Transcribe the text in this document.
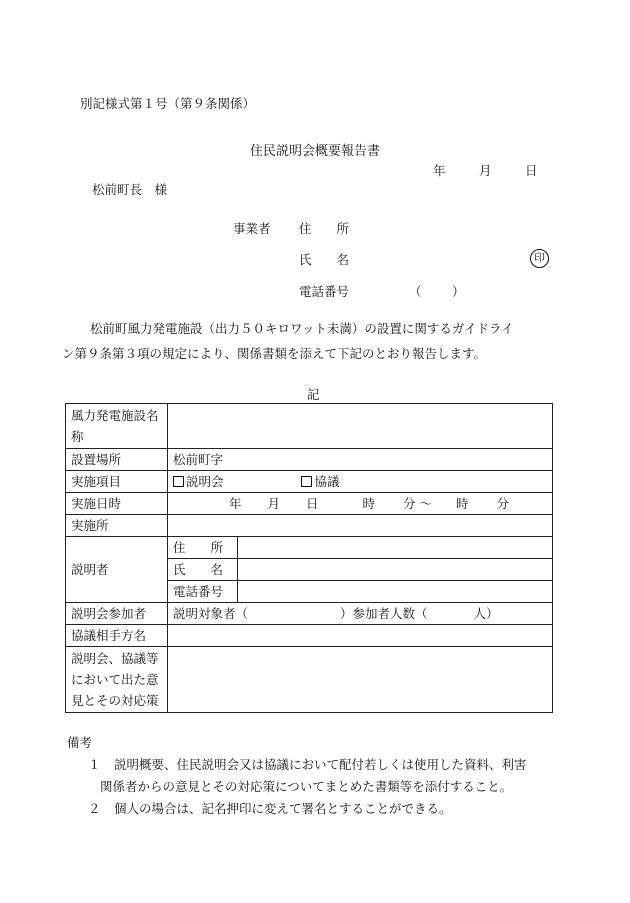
別記様式第１号（第９条関係）
住民説明会概要報告書
年	月	日
松前町長　様
事業者 住　　所
氏　　名	印
電話番号	（ ）
松前町風力発電施設（出力５０キロワット未満）の設置に関するガイドライ
ン第９条第３項の規定により、関係書類を添えて下記のとおり報告します。
記
風力発電施設名称		
設置場所	松前町字	
実施項目	説明会 協議	
実施日時	年 月 日 時 分 ～ 時 分	
実施所		
説明者	住　　所	
	氏　　名	
	電話番号	
説明会参加者	説明対象者（ ）参加者人数（ 人）	
協議相手方名		
説明会、協議等において出た意見とその対応策		
備考
１ 説明概要、住民説明会又は協議において配付若しくは使用した資料、利害
関係者からの意見とその対応策についてまとめた書類等を添付すること。
２ 個人の場合は、記名押印に変えて署名とすることができる。
